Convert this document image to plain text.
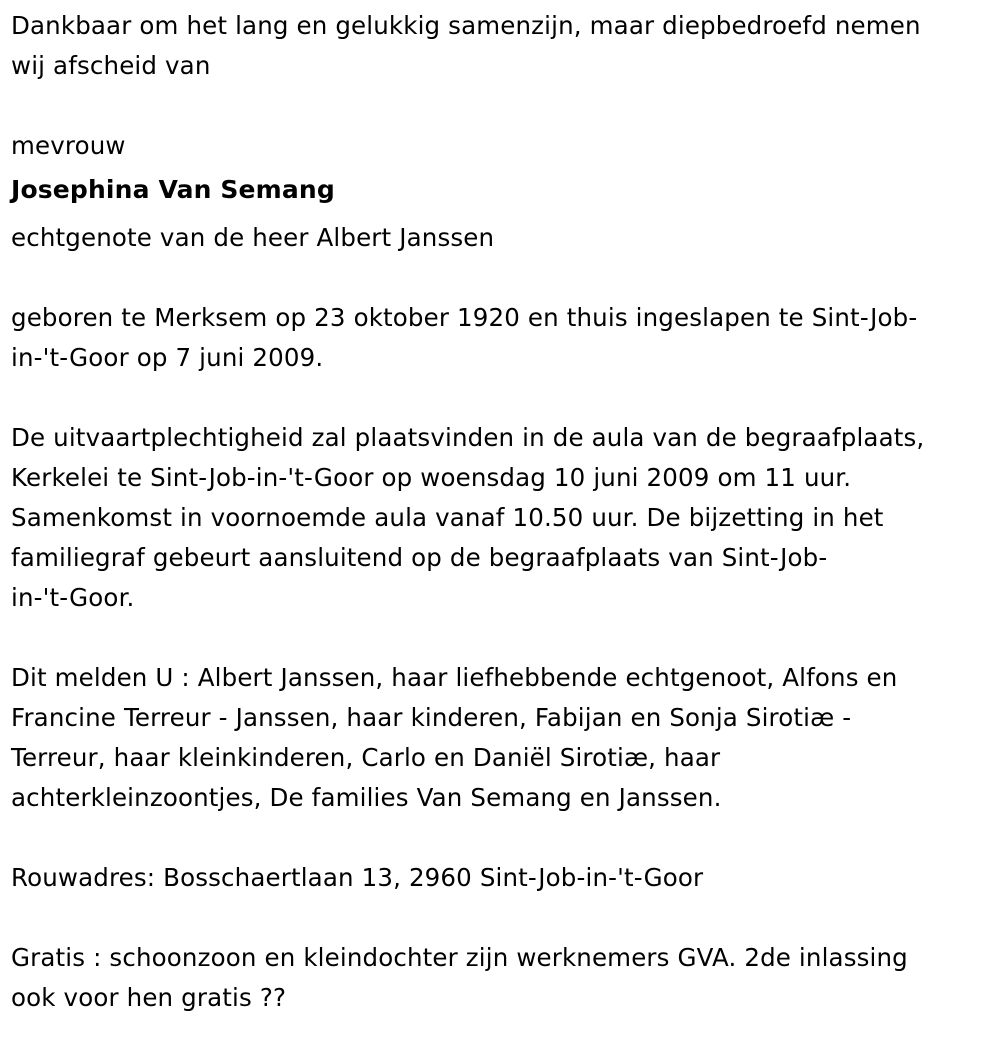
Dankbaar om het lang en gelukkig samenzijn, maar diepbedroefd nemen

wij afscheid van

mevrouw

Josephina Van Semang

echtgenote van de heer Albert Janssen

geboren te Merksem op 23 oktober 1920 en thuis ingeslapen te Sint-Job-

in-'t-Goor op 7 juni 2009.

De uitvaartplechtigheid zal plaatsvinden in de aula van de begraafplaats,

Kerkelei te Sint-Job-in-'t-Goor op woensdag 10 juni 2009 om 11 uur.

Samenkomst in voornoemde aula vanaf 10.50 uur. De bijzetting in het

familiegraf gebeurt aansluitend op de begraafplaats van Sint-Job-

in-'t-Goor.

Dit melden U : Albert Janssen, haar liefhebbende echtgenoot, Alfons en

Francine Terreur - Janssen, haar kinderen, Fabijan en Sonja Sirotiæ -

Terreur, haar kleinkinderen, Carlo en Daniël Sirotiæ, haar

achterkleinzoontjes, De families Van Semang en Janssen.

Rouwadres: Bosschaertlaan 13, 2960 Sint-Job-in-'t-Goor

Gratis : schoonzoon en kleindochter zijn werknemers GVA. 2de inlassing

ook voor hen gratis ??
